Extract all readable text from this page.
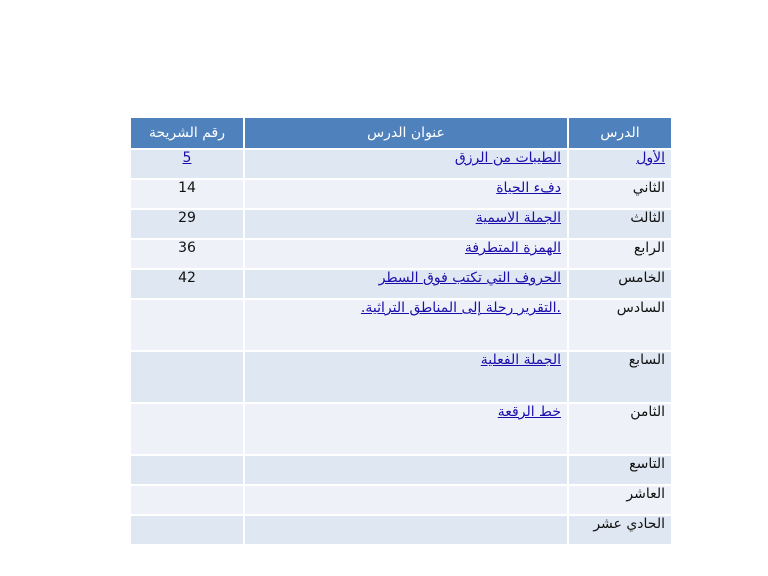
الدرس	عنوان الدرس	رقم الشريحة
الأول	الطيبات من الرزق	5
الثاني	دفء الحياة	14
الثالث	الجملة الاسمية	29
الرابع	الهمزة المتطرفة	36
الخامس	الحروف التي تكتب فوق السطر	42
السادس	.التقرير رحلة إلى المناطق التراثية.	
السابع	الجملة الفعلية	
الثامن	خط الرقعة	
التاسع		
العاشر		
الحادي عشر		
